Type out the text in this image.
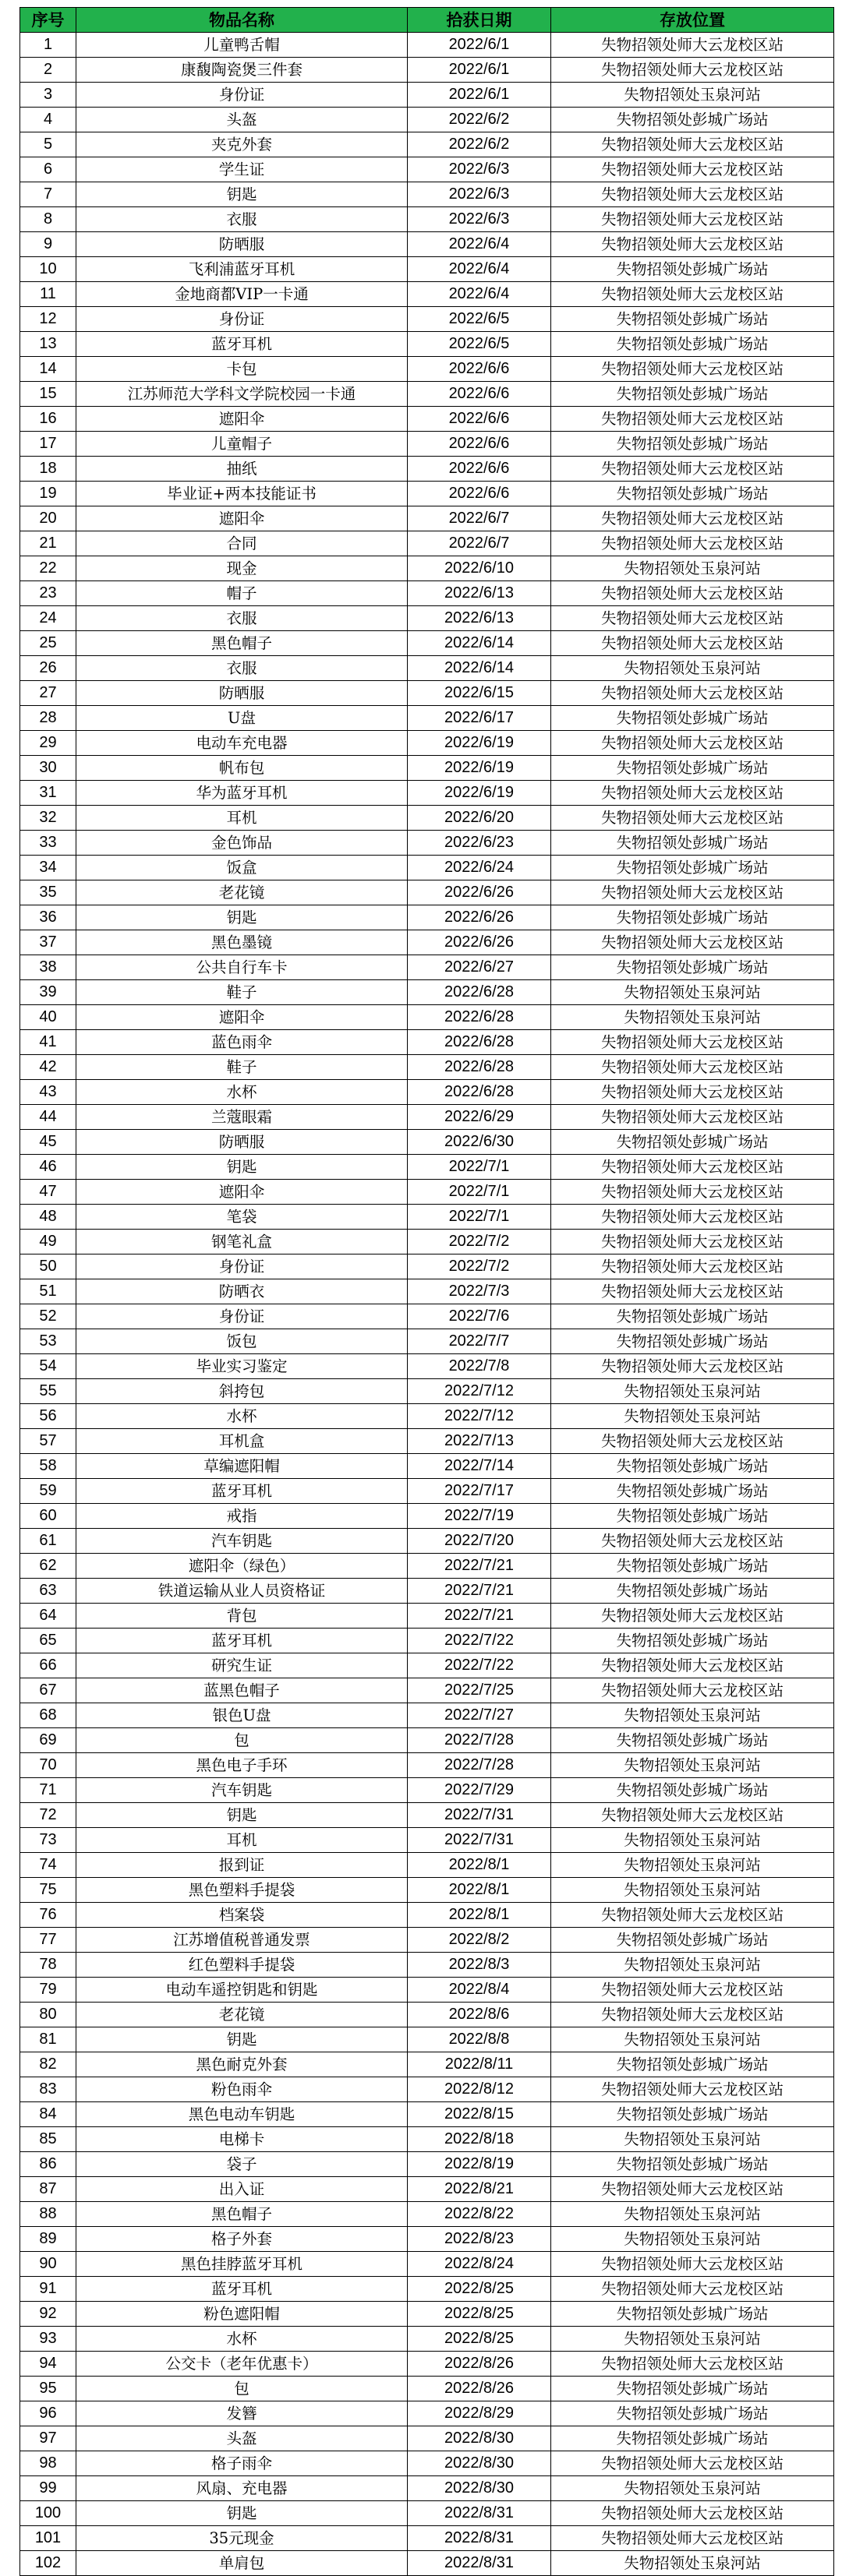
序号	物品名称	拾获日期	存放位置
1	儿童鸭舌帽	2022/6/1	失物招领处师大云龙校区站
2	康馥陶瓷煲三件套	2022/6/1	失物招领处师大云龙校区站
3	身份证	2022/6/1	失物招领处玉泉河站
4	头盔	2022/6/2	失物招领处彭城广场站
5	夹克外套	2022/6/2	失物招领处师大云龙校区站
6	学生证	2022/6/3	失物招领处师大云龙校区站
7	钥匙	2022/6/3	失物招领处师大云龙校区站
8	衣服	2022/6/3	失物招领处师大云龙校区站
9	防晒服	2022/6/4	失物招领处师大云龙校区站
10	飞利浦蓝牙耳机	2022/6/4	失物招领处彭城广场站
11	金地商都VIP一卡通	2022/6/4	失物招领处师大云龙校区站
12	身份证	2022/6/5	失物招领处彭城广场站
13	蓝牙耳机	2022/6/5	失物招领处彭城广场站
14	卡包	2022/6/6	失物招领处师大云龙校区站
15	江苏师范大学科文学院校园一卡通	2022/6/6	失物招领处彭城广场站
16	遮阳伞	2022/6/6	失物招领处师大云龙校区站
17	儿童帽子	2022/6/6	失物招领处彭城广场站
18	抽纸	2022/6/6	失物招领处师大云龙校区站
19	毕业证+两本技能证书	2022/6/6	失物招领处彭城广场站
20	遮阳伞	2022/6/7	失物招领处师大云龙校区站
21	合同	2022/6/7	失物招领处师大云龙校区站
22	现金	2022/6/10	失物招领处玉泉河站
23	帽子	2022/6/13	失物招领处师大云龙校区站
24	衣服	2022/6/13	失物招领处师大云龙校区站
25	黑色帽子	2022/6/14	失物招领处师大云龙校区站
26	衣服	2022/6/14	失物招领处玉泉河站
27	防晒服	2022/6/15	失物招领处师大云龙校区站
28	U盘	2022/6/17	失物招领处彭城广场站
29	电动车充电器	2022/6/19	失物招领处师大云龙校区站
30	帆布包	2022/6/19	失物招领处彭城广场站
31	华为蓝牙耳机	2022/6/19	失物招领处师大云龙校区站
32	耳机	2022/6/20	失物招领处师大云龙校区站
33	金色饰品	2022/6/23	失物招领处彭城广场站
34	饭盒	2022/6/24	失物招领处彭城广场站
35	老花镜	2022/6/26	失物招领处师大云龙校区站
36	钥匙	2022/6/26	失物招领处彭城广场站
37	黑色墨镜	2022/6/26	失物招领处师大云龙校区站
38	公共自行车卡	2022/6/27	失物招领处彭城广场站
39	鞋子	2022/6/28	失物招领处玉泉河站
40	遮阳伞	2022/6/28	失物招领处玉泉河站
41	蓝色雨伞	2022/6/28	失物招领处师大云龙校区站
42	鞋子	2022/6/28	失物招领处师大云龙校区站
43	水杯	2022/6/28	失物招领处师大云龙校区站
44	兰蔻眼霜	2022/6/29	失物招领处师大云龙校区站
45	防晒服	2022/6/30	失物招领处彭城广场站
46	钥匙	2022/7/1	失物招领处师大云龙校区站
47	遮阳伞	2022/7/1	失物招领处师大云龙校区站
48	笔袋	2022/7/1	失物招领处师大云龙校区站
49	钢笔礼盒	2022/7/2	失物招领处师大云龙校区站
50	身份证	2022/7/2	失物招领处师大云龙校区站
51	防晒衣	2022/7/3	失物招领处师大云龙校区站
52	身份证	2022/7/6	失物招领处彭城广场站
53	饭包	2022/7/7	失物招领处彭城广场站
54	毕业实习鉴定	2022/7/8	失物招领处师大云龙校区站
55	斜挎包	2022/7/12	失物招领处玉泉河站
56	水杯	2022/7/12	失物招领处玉泉河站
57	耳机盒	2022/7/13	失物招领处师大云龙校区站
58	草编遮阳帽	2022/7/14	失物招领处彭城广场站
59	蓝牙耳机	2022/7/17	失物招领处彭城广场站
60	戒指	2022/7/19	失物招领处彭城广场站
61	汽车钥匙	2022/7/20	失物招领处师大云龙校区站
62	遮阳伞（绿色）	2022/7/21	失物招领处彭城广场站
63	铁道运输从业人员资格证	2022/7/21	失物招领处彭城广场站
64	背包	2022/7/21	失物招领处师大云龙校区站
65	蓝牙耳机	2022/7/22	失物招领处彭城广场站
66	研究生证	2022/7/22	失物招领处师大云龙校区站
67	蓝黑色帽子	2022/7/25	失物招领处师大云龙校区站
68	银色U盘	2022/7/27	失物招领处玉泉河站
69	包	2022/7/28	失物招领处彭城广场站
70	黑色电子手环	2022/7/28	失物招领处玉泉河站
71	汽车钥匙	2022/7/29	失物招领处彭城广场站
72	钥匙	2022/7/31	失物招领处师大云龙校区站
73	耳机	2022/7/31	失物招领处玉泉河站
74	报到证	2022/8/1	失物招领处玉泉河站
75	黑色塑料手提袋	2022/8/1	失物招领处玉泉河站
76	档案袋	2022/8/1	失物招领处师大云龙校区站
77	江苏增值税普通发票	2022/8/2	失物招领处彭城广场站
78	红色塑料手提袋	2022/8/3	失物招领处玉泉河站
79	电动车遥控钥匙和钥匙	2022/8/4	失物招领处师大云龙校区站
80	老花镜	2022/8/6	失物招领处师大云龙校区站
81	钥匙	2022/8/8	失物招领处玉泉河站
82	黑色耐克外套	2022/8/11	失物招领处彭城广场站
83	粉色雨伞	2022/8/12	失物招领处师大云龙校区站
84	黑色电动车钥匙	2022/8/15	失物招领处彭城广场站
85	电梯卡	2022/8/18	失物招领处玉泉河站
86	袋子	2022/8/19	失物招领处彭城广场站
87	出入证	2022/8/21	失物招领处师大云龙校区站
88	黑色帽子	2022/8/22	失物招领处玉泉河站
89	格子外套	2022/8/23	失物招领处玉泉河站
90	黑色挂脖蓝牙耳机	2022/8/24	失物招领处师大云龙校区站
91	蓝牙耳机	2022/8/25	失物招领处师大云龙校区站
92	粉色遮阳帽	2022/8/25	失物招领处彭城广场站
93	水杯	2022/8/25	失物招领处玉泉河站
94	公交卡（老年优惠卡）	2022/8/26	失物招领处师大云龙校区站
95	包	2022/8/26	失物招领处彭城广场站
96	发簪	2022/8/29	失物招领处彭城广场站
97	头盔	2022/8/30	失物招领处彭城广场站
98	格子雨伞	2022/8/30	失物招领处师大云龙校区站
99	风扇、充电器	2022/8/30	失物招领处玉泉河站
100	钥匙	2022/8/31	失物招领处师大云龙校区站
101	35元现金	2022/8/31	失物招领处师大云龙校区站
102	单肩包	2022/8/31	失物招领处玉泉河站
